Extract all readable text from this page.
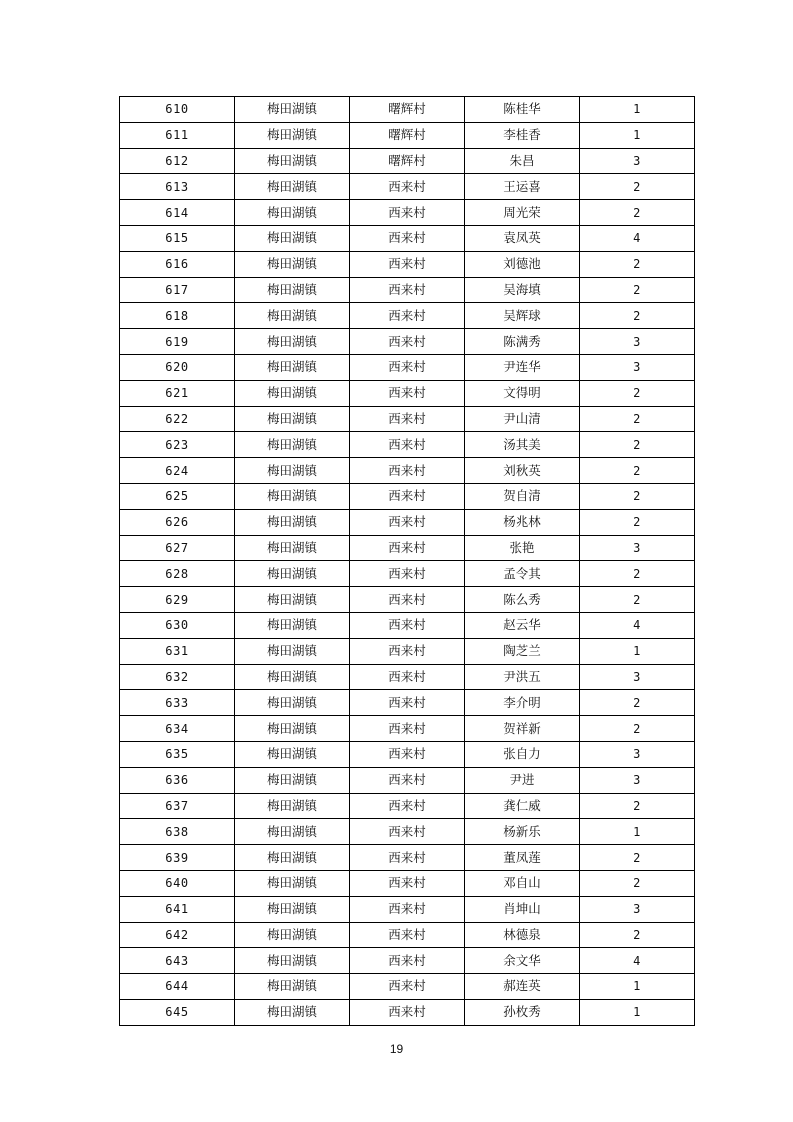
610	梅田湖镇	曙辉村	陈桂华	1
611	梅田湖镇	曙辉村	李桂香	1
612	梅田湖镇	曙辉村	朱昌	3
613	梅田湖镇	西来村	王运喜	2
614	梅田湖镇	西来村	周光荣	2
615	梅田湖镇	西来村	袁凤英	4
616	梅田湖镇	西来村	刘德池	2
617	梅田湖镇	西来村	吴海填	2
618	梅田湖镇	西来村	吴辉球	2
619	梅田湖镇	西来村	陈满秀	3
620	梅田湖镇	西来村	尹连华	3
621	梅田湖镇	西来村	文得明	2
622	梅田湖镇	西来村	尹山清	2
623	梅田湖镇	西来村	汤其美	2
624	梅田湖镇	西来村	刘秋英	2
625	梅田湖镇	西来村	贺自清	2
626	梅田湖镇	西来村	杨兆林	2
627	梅田湖镇	西来村	张艳	3
628	梅田湖镇	西来村	孟令其	2
629	梅田湖镇	西来村	陈么秀	2
630	梅田湖镇	西来村	赵云华	4
631	梅田湖镇	西来村	陶芝兰	1
632	梅田湖镇	西来村	尹洪五	3
633	梅田湖镇	西来村	李介明	2
634	梅田湖镇	西来村	贺祥新	2
635	梅田湖镇	西来村	张自力	3
636	梅田湖镇	西来村	尹进	3
637	梅田湖镇	西来村	龚仁威	2
638	梅田湖镇	西来村	杨新乐	1
639	梅田湖镇	西来村	董凤莲	2
640	梅田湖镇	西来村	邓自山	2
641	梅田湖镇	西来村	肖坤山	3
642	梅田湖镇	西来村	林德泉	2
643	梅田湖镇	西来村	余文华	4
644	梅田湖镇	西来村	郝连英	1
645	梅田湖镇	西来村	孙枚秀	1
19
